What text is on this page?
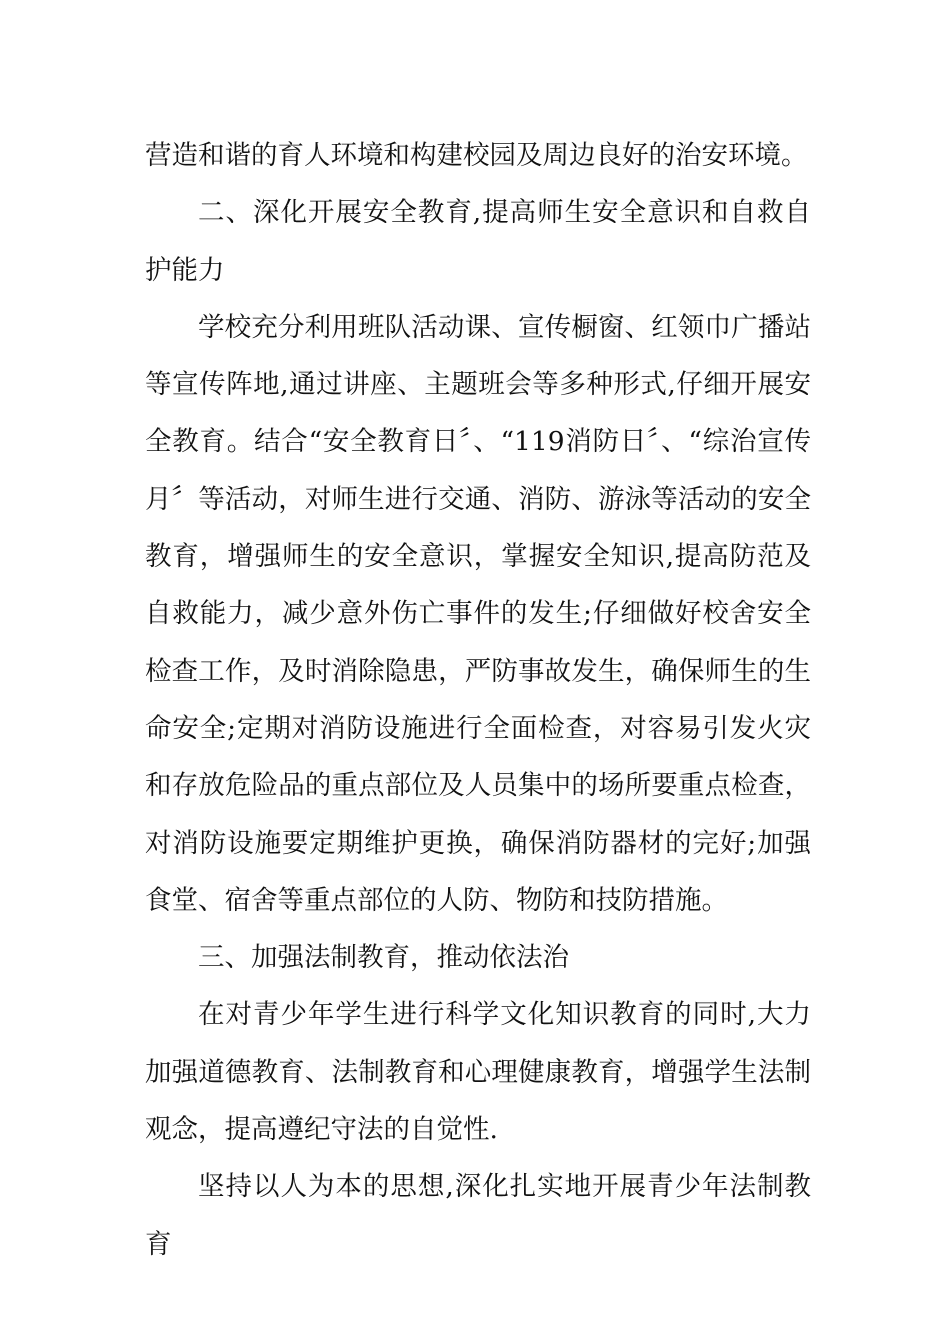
营造和谐的育人环境和构建校园及周边良好的治安环境。

二、深化开展安全教育,提高师生安全意识和自救自护能力

学校充分利用班队活动课、宣传橱窗、红领巾广播站等宣传阵地,通过讲座、主题班会等多种形式,仔细开展安全教育。结合“安全教育日〞、“119消防日〞、“综治宣传月〞等活动，对师生进行交通、消防、游泳等活动的安全教育，增强师生的安全意识，掌握安全知识,提高防范及自救能力，减少意外伤亡事件的发生;仔细做好校舍安全检查工作，及时消除隐患，严防事故发生，确保师生的生命安全;定期对消防设施进行全面检查，对容易引发火灾和存放危险品的重点部位及人员集中的场所要重点检查，对消防设施要定期维护更换，确保消防器材的完好;加强食堂、宿舍等重点部位的人防、物防和技防措施。

三、加强法制教育，推动依法治

在对青少年学生进行科学文化知识教育的同时,大力加强道德教育、法制教育和心理健康教育，增强学生法制观念，提高遵纪守法的自觉性.

坚持以人为本的思想,深化扎实地开展青少年法制教育
